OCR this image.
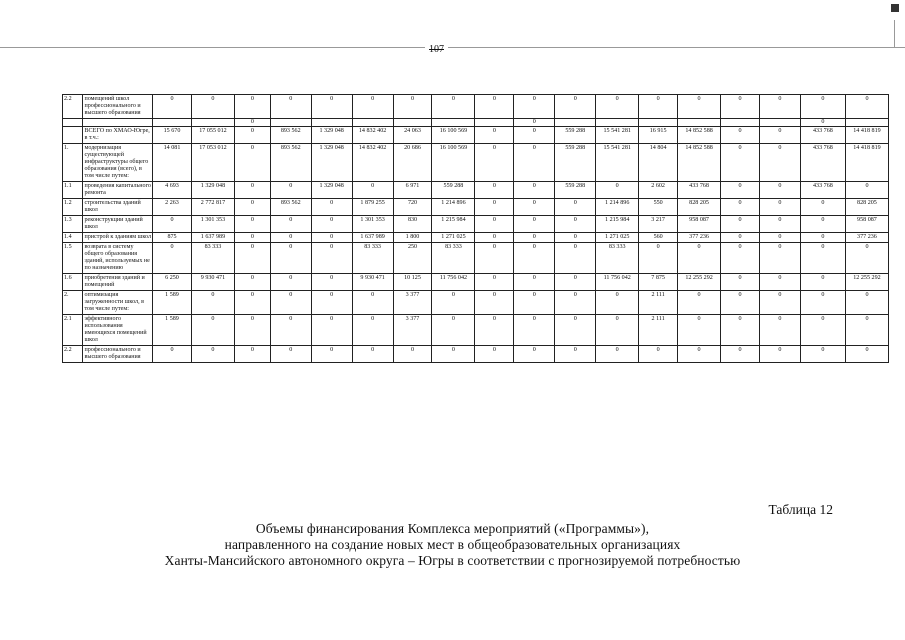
107
2.2	помещений школ профессионального и высшего образования	0	0	0	0	0	0	0	0	0	0	0	0	0	0	0	0	0	0
				0							0							0	
	ВСЕГО по ХМАО-Югре, в т.ч.:	15 670	17 055 012	0	893 562	1 329 048	14 832 402	24 063	16 100 569	0	0	559 288	15 541 281	16 915	14 852 588	0	0	433 768	14 418 819
1.	модернизация существующей инфраструктуры общего образования (всего), в том числе путем:	14 081	17 053 012	0	893 562	1 329 048	14 832 402	20 686	16 100 569	0	0	559 288	15 541 281	14 804	14 852 588	0	0	433 768	14 418 819
1.1	проведения капитального ремонта	4 693	1 329 048	0	0	1 329 048	0	6 971	559 288	0	0	559 288	0	2 602	433 768	0	0	433 768	0
1.2	строительства зданий школ	2 263	2 772 817	0	893 562	0	1 879 255	720	1 214 896	0	0	0	1 214 896	550	828 205	0	0	0	828 205
1.3	реконструкции зданий школ	0	1 301 353	0	0	0	1 301 353	830	1 215 984	0	0	0	1 215 984	3 217	958 087	0	0	0	958 087
1.4	пристрой к зданиям школ	875	1 637 989	0	0	0	1 637 989	1 800	1 271 025	0	0	0	1 271 025	560	377 236	0	0	0	377 236
1.5	возврата в систему общего образования зданий, используемых не по назначению	0	83 333	0	0	0	83 333	250	83 333	0	0	0	83 333	0	0	0	0	0	0
1.6	приобретения зданий и помещений	6 250	9 930 471	0	0	0	9 930 471	10 125	11 756 042	0	0	0	11 756 042	7 875	12 255 292	0	0	0	12 255 292
2.	оптимизация загруженности школ, в том числе путем:	1 589	0	0	0	0	0	3 377	0	0	0	0	0	2 111	0	0	0	0	0
2.1	эффективного использования имеющихся помещений школ	1 589	0	0	0	0	0	3 377	0	0	0	0	0	2 111	0	0	0	0	0
2.2	профессионального и высшего образования	0	0	0	0	0	0	0	0	0	0	0	0	0	0	0	0	0	0
Таблица 12
Объемы финансирования Комплекса мероприятий («Программы»),
направленного на создание новых мест в общеобразовательных организациях
Ханты-Мансийского автономного округа – Югры в соответствии с прогнозируемой потребностью
